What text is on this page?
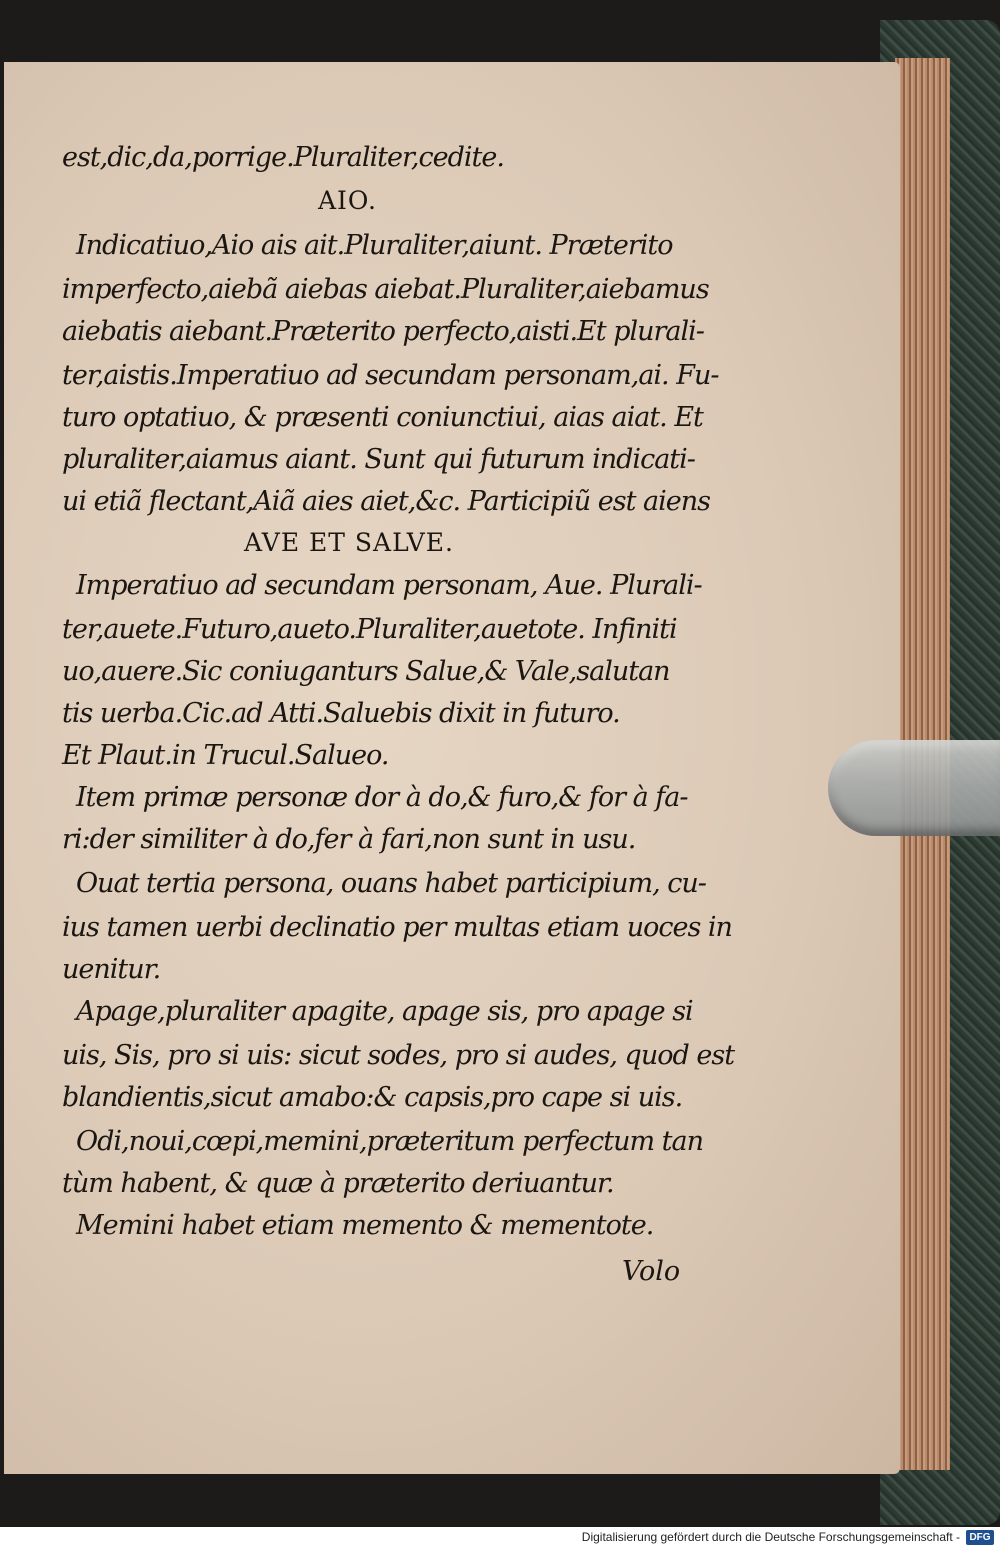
est,dic,da,porrige.Pluraliter,cedite.
AIO.
Indicatiuo,Aio ais ait.Pluraliter,aiunt. Præterito
imperfecto,aiebã aiebas aiebat.Pluraliter,aiebamus
aiebatis aiebant.Præterito perfecto,aisti.Et plurali-
ter,aistis.Imperatiuo ad secundam personam,ai. Fu-
turo optatiuo, & præsenti coniunctiui, aias aiat. Et
pluraliter,aiamus aiant. Sunt qui futurum indicati-
ui etiã flectant,Aiã aies aiet,&c. Participiũ est aiens
AVE ET SALVE.
Imperatiuo ad secundam personam, Aue. Plurali-
ter,auete.Futuro,aueto.Pluraliter,auetote. Infiniti
uo,auere.Sic coniuganturs Salue,& Vale,salutan
tis uerba.Cic.ad Atti.Saluebis dixit in futuro.
Et Plaut.in Trucul.Salueo.
Item primæ personæ dor à do,& furo,& for à fa-
ri:der similiter à do,fer à fari,non sunt in usu.
Ouat tertia persona, ouans habet participium, cu-
ius tamen uerbi declinatio per multas etiam uoces in
uenitur.
Apage,pluraliter apagite, apage sis, pro apage si
uis, Sis, pro si uis: sicut sodes, pro si audes, quod est
blandientis,sicut amabo:& capsis,pro cape si uis.
Odi,noui,cœpi,memini,præteritum perfectum tan
tùm habent, & quæ à præterito deriuantur.
Memini habet etiam memento & mementote.
Volo
Digitalisierung gefördert durch die Deutsche Forschungsgemeinschaft - DFG
